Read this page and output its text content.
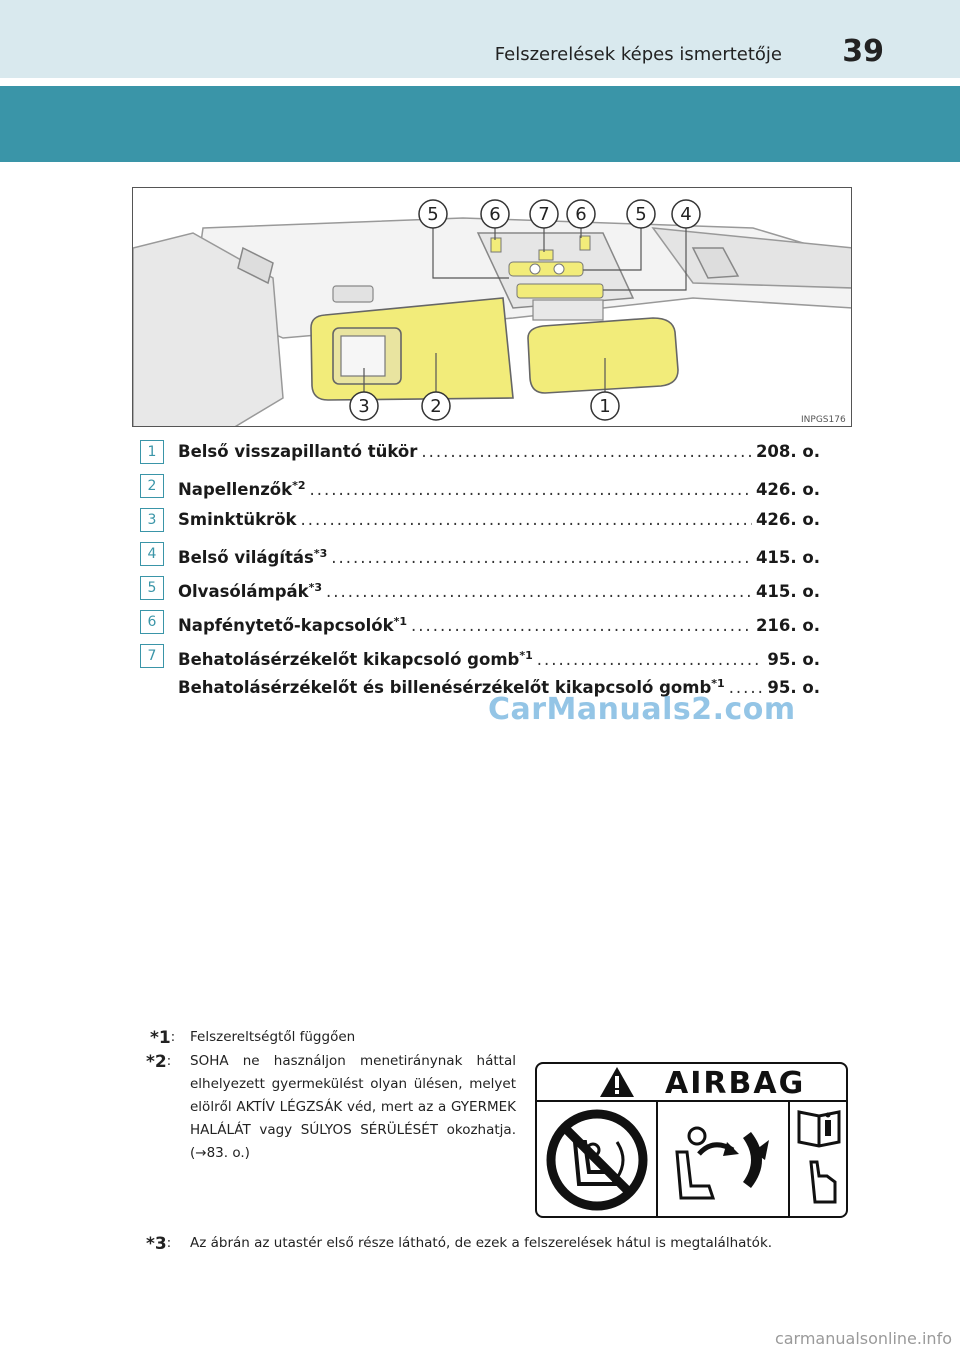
Felszerelések képes ismertetője 39
5	6 7 6	5 4
3	2	1
INPGS176
1	Belső visszapillantó tükör .....	208. o.
2	Napellenzők$^{*2}$ .....	426. o.
3	Sminktükrök .....	426. o.
4	Belső világítás$^{*3}$ .....	415. o.
5	Olvasólámpák$^{*3}$ .....	415. o.
6	Napfénytető-kapcsolók$^{*1}$ .....	216. o.
7	Behatolásérzékelőt kikapcsoló gomb$^{*1}$ .....	95. o.
Behatolásérzékelőt és billenésérzékelőt kikapcsoló gomb$^{*1}$ .....	95. o.
CarManuals2.com
*1: Felszereltségtől függően
*2: SOHA ne használjon menetiránynak háttal elhelyezett gyermekülést olyan ülésen, melyet elölről AKTÍV LÉGZSÁK véd, mert az a GYERMEK HALÁLÁT vagy SÚLYOS SÉRÜLÉSÉT okozhatja. (→83. o.)
AIRBAG
*3: Az ábrán az utastér első része látható, de ezek a felszerelések hátul is megtalálhatók.
carmanualsonline.info
